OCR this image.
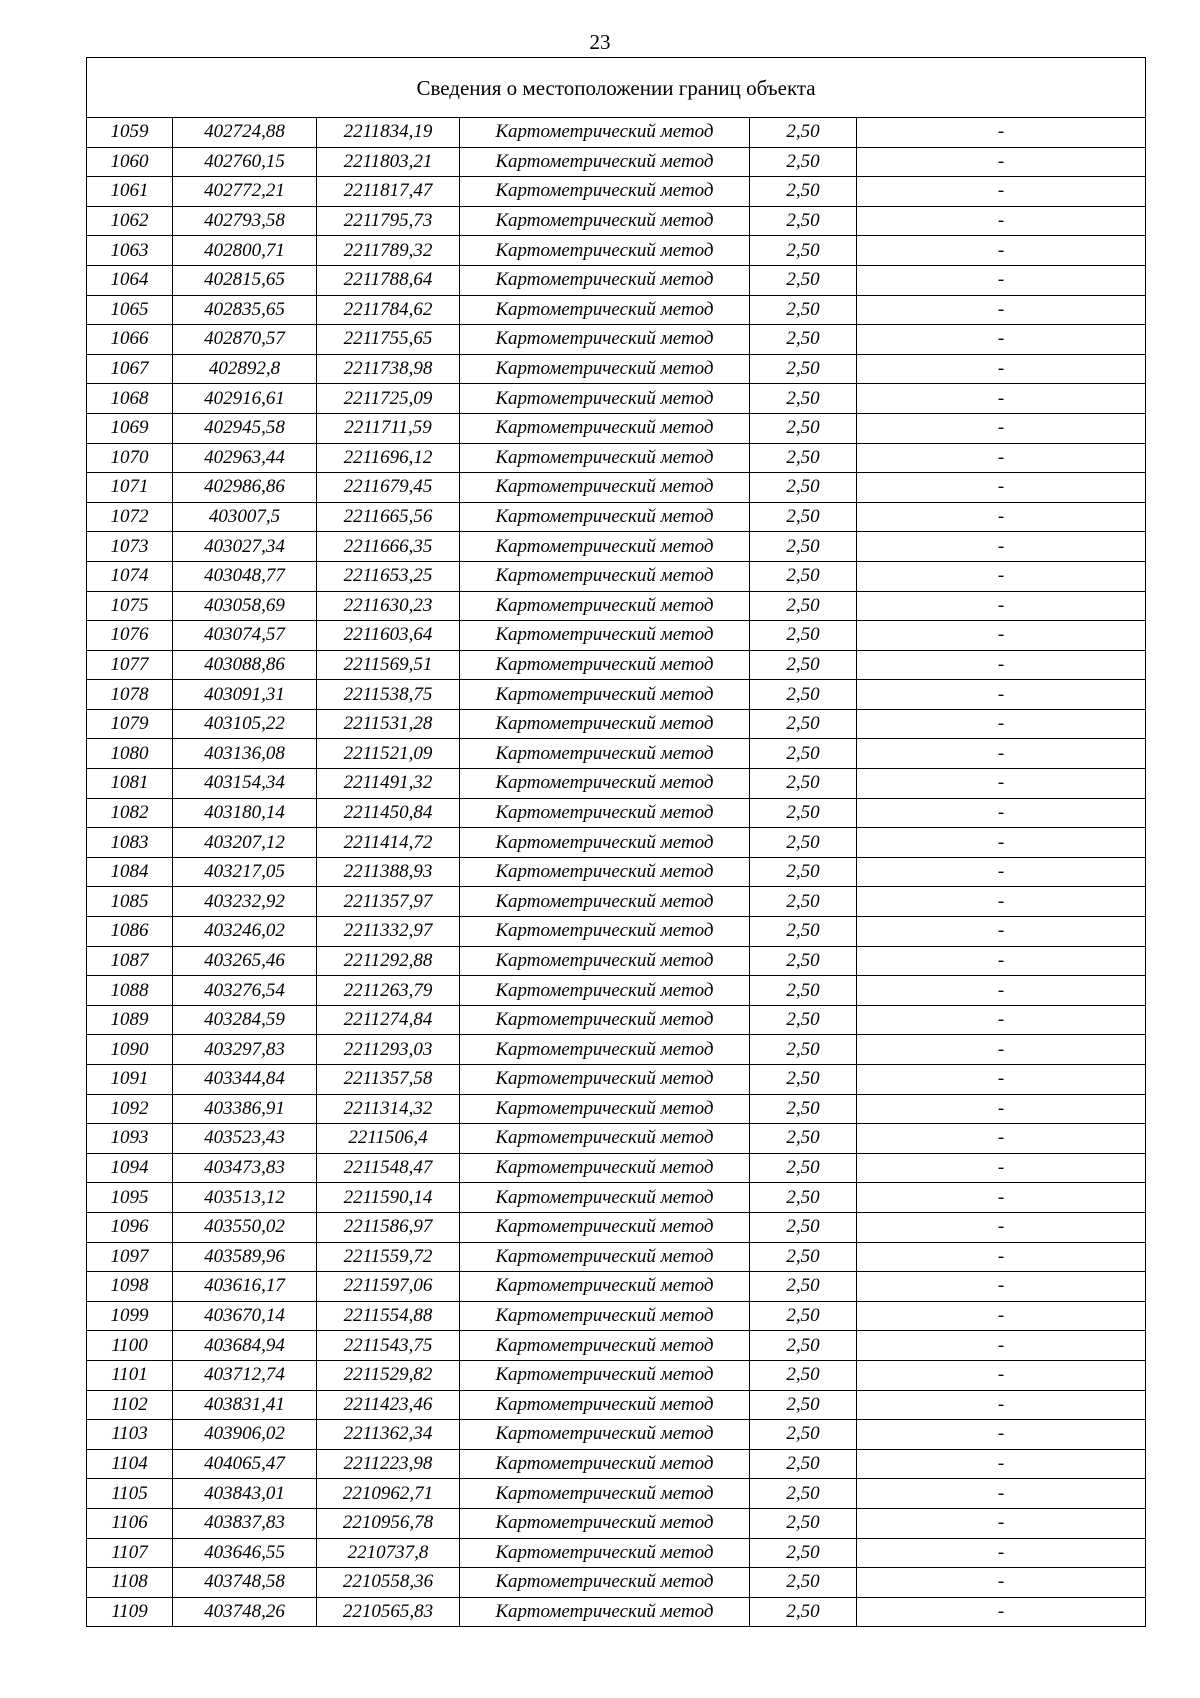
23
Сведения о местоположении границ объекта					
1059	402724,88	2211834,19	Картометрический метод	2,50	-
1060	402760,15	2211803,21	Картометрический метод	2,50	-
1061	402772,21	2211817,47	Картометрический метод	2,50	-
1062	402793,58	2211795,73	Картометрический метод	2,50	-
1063	402800,71	2211789,32	Картометрический метод	2,50	-
1064	402815,65	2211788,64	Картометрический метод	2,50	-
1065	402835,65	2211784,62	Картометрический метод	2,50	-
1066	402870,57	2211755,65	Картометрический метод	2,50	-
1067	402892,8	2211738,98	Картометрический метод	2,50	-
1068	402916,61	2211725,09	Картометрический метод	2,50	-
1069	402945,58	2211711,59	Картометрический метод	2,50	-
1070	402963,44	2211696,12	Картометрический метод	2,50	-
1071	402986,86	2211679,45	Картометрический метод	2,50	-
1072	403007,5	2211665,56	Картометрический метод	2,50	-
1073	403027,34	2211666,35	Картометрический метод	2,50	-
1074	403048,77	2211653,25	Картометрический метод	2,50	-
1075	403058,69	2211630,23	Картометрический метод	2,50	-
1076	403074,57	2211603,64	Картометрический метод	2,50	-
1077	403088,86	2211569,51	Картометрический метод	2,50	-
1078	403091,31	2211538,75	Картометрический метод	2,50	-
1079	403105,22	2211531,28	Картометрический метод	2,50	-
1080	403136,08	2211521,09	Картометрический метод	2,50	-
1081	403154,34	2211491,32	Картометрический метод	2,50	-
1082	403180,14	2211450,84	Картометрический метод	2,50	-
1083	403207,12	2211414,72	Картометрический метод	2,50	-
1084	403217,05	2211388,93	Картометрический метод	2,50	-
1085	403232,92	2211357,97	Картометрический метод	2,50	-
1086	403246,02	2211332,97	Картометрический метод	2,50	-
1087	403265,46	2211292,88	Картометрический метод	2,50	-
1088	403276,54	2211263,79	Картометрический метод	2,50	-
1089	403284,59	2211274,84	Картометрический метод	2,50	-
1090	403297,83	2211293,03	Картометрический метод	2,50	-
1091	403344,84	2211357,58	Картометрический метод	2,50	-
1092	403386,91	2211314,32	Картометрический метод	2,50	-
1093	403523,43	2211506,4	Картометрический метод	2,50	-
1094	403473,83	2211548,47	Картометрический метод	2,50	-
1095	403513,12	2211590,14	Картометрический метод	2,50	-
1096	403550,02	2211586,97	Картометрический метод	2,50	-
1097	403589,96	2211559,72	Картометрический метод	2,50	-
1098	403616,17	2211597,06	Картометрический метод	2,50	-
1099	403670,14	2211554,88	Картометрический метод	2,50	-
1100	403684,94	2211543,75	Картометрический метод	2,50	-
1101	403712,74	2211529,82	Картометрический метод	2,50	-
1102	403831,41	2211423,46	Картометрический метод	2,50	-
1103	403906,02	2211362,34	Картометрический метод	2,50	-
1104	404065,47	2211223,98	Картометрический метод	2,50	-
1105	403843,01	2210962,71	Картометрический метод	2,50	-
1106	403837,83	2210956,78	Картометрический метод	2,50	-
1107	403646,55	2210737,8	Картометрический метод	2,50	-
1108	403748,58	2210558,36	Картометрический метод	2,50	-
1109	403748,26	2210565,83	Картометрический метод	2,50	-
